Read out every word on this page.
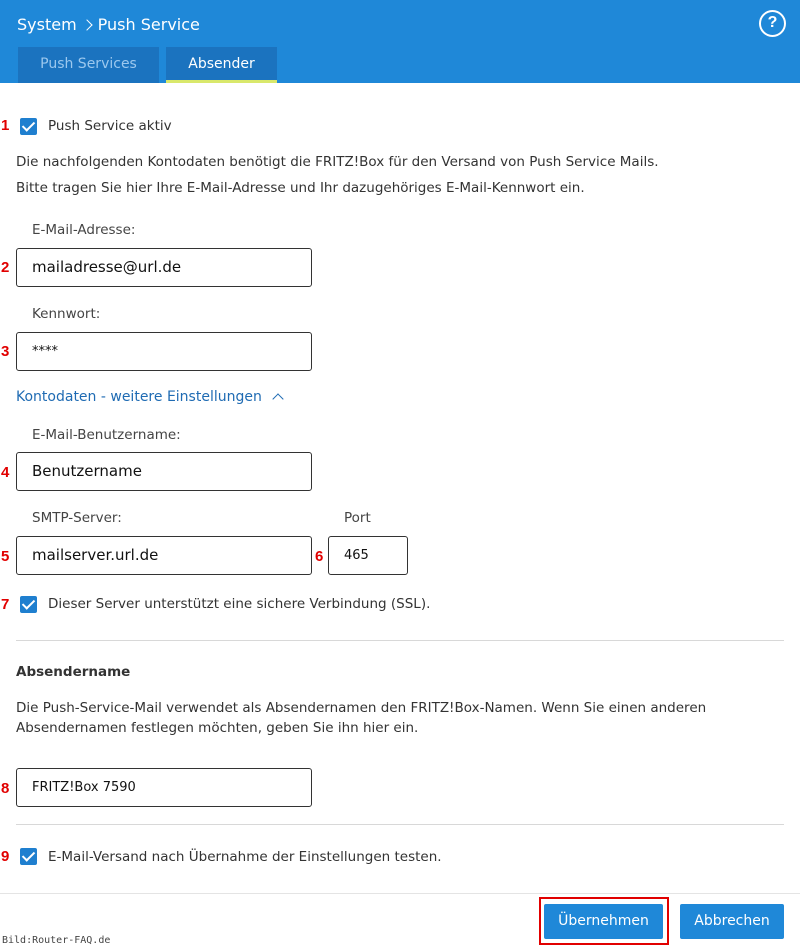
System Push Service	?
Push Services	Absender
1	Push Service aktiv
Die nachfolgenden Kontodaten benötigt die FRITZ!Box für den Versand von Push Service Mails.
Bitte tragen Sie hier Ihre E-Mail-Adresse und Ihr dazugehöriges E-Mail-Kennwort ein.
E-Mail-Adresse:
2	mailadresse@url.de
Kennwort:
3	****
Kontodaten - weitere Einstellungen
E-Mail-Benutzername:
4	Benutzername
SMTP-Server:	Port
5	mailserver.url.de	6	465
7	Dieser Server unterstützt eine sichere Verbindung (SSL).
Absendername
Die Push-Service-Mail verwendet als Absendernamen den FRITZ!Box-Namen. Wenn Sie einen anderen
Absendernamen festlegen möchten, geben Sie ihn hier ein.
8	FRITZ!Box 7590
9	E-Mail-Versand nach Übernahme der Einstellungen testen.
Übernehmen	Abbrechen
Bild:Router-FAQ.de
